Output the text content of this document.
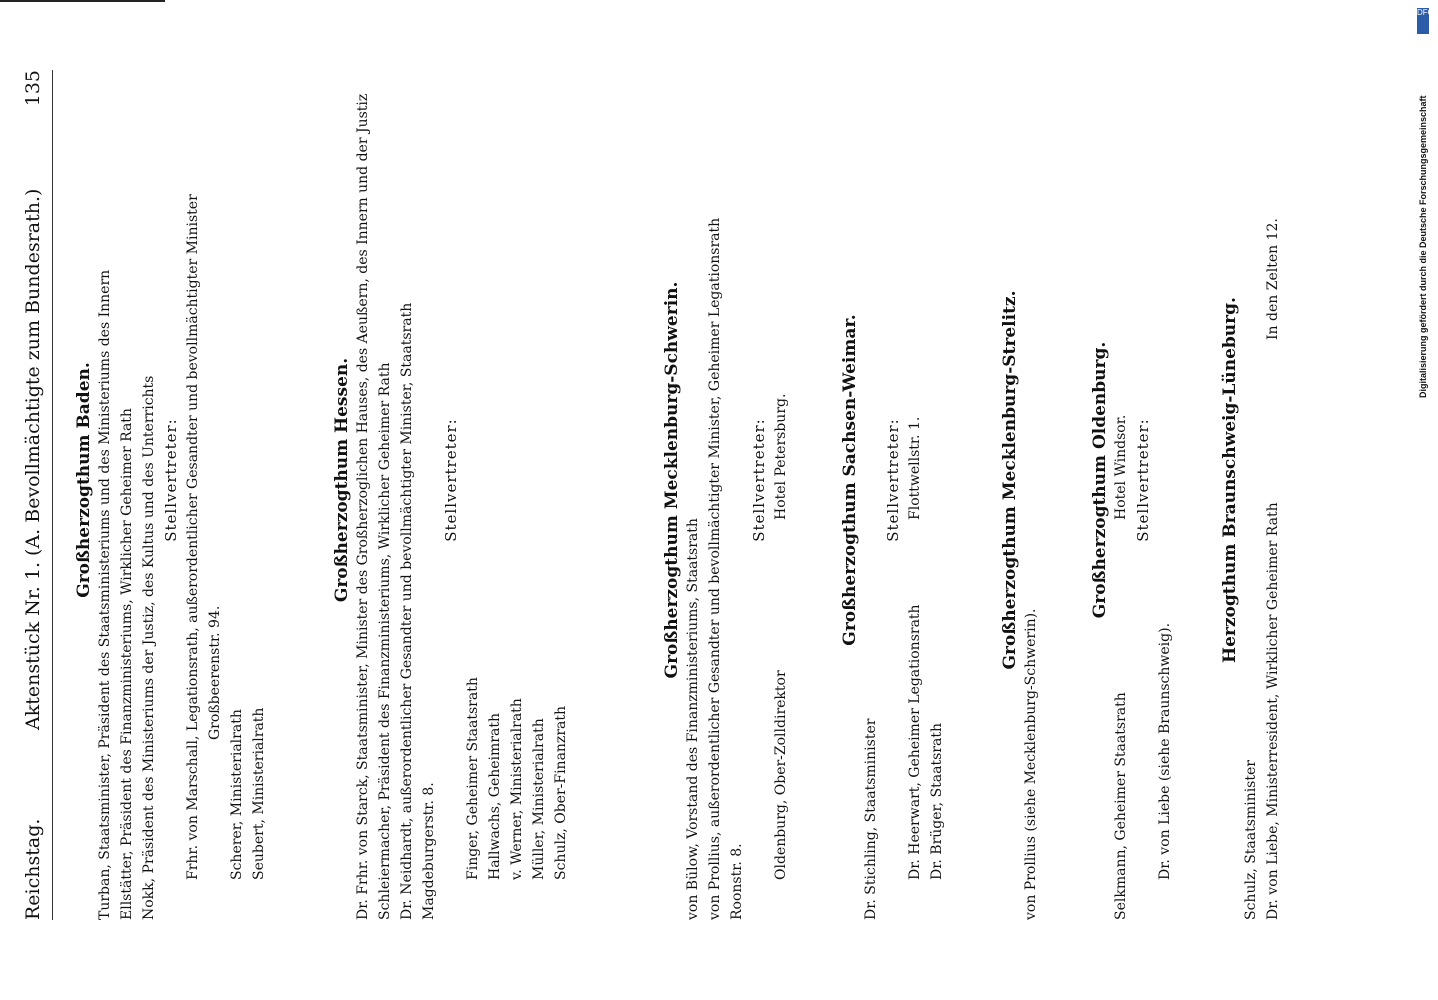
Reichstag.
Aktenstück Nr. 1. (A. Bevollmächtigte zum Bundesrath.)
135

Großherzogthum Baden. Turban, Staatsminister, Präsident des Staatsministeriums und des Ministeriums des Innern Ellstätter, Präsident des Finanzministeriums, Wirklicher Geheimer Rath Nokk, Präsident des Ministeriums der Justiz, des Kultus und des Unterrichts Stellvertreter: Frhr. von Marschall, Legationsrath, außerordentlicher Gesandter und bevollmächtigter Minister Großbeerenstr. 94.
Scherer, Ministerialrath Seubert, Ministerialrath

Großherzogthum Hessen. Dr. Frhr. von Starck, Staatsminister, Minister des Großherzoglichen Hauses, des Aeußern, des Innern und der Justiz Schleiermacher, Präsident des Finanzministeriums, Wirklicher Geheimer Rath Dr. Neidhardt, außerordentlicher Gesandter und bevollmächtigter Minister, Staatsrath Magdeburgerstr. 8.

Stellvertreter:

Finger, Geheimer Staatsrath Hallwachs, Geheimrath v. Werner, Ministerialrath Müller, Ministerialrath Schulz, Ober-Finanzrath

Großherzogthum Mecklenburg-Schwerin.

von Bülow, Vorstand des Finanzministeriums, Staatsrath von Prollius, außerordentlicher Gesandter und bevollmächtigter Minister, Geheimer Legationsrath Roonstr. 8.

Stellvertreter:

Oldenburg, Ober-Zolldirektor
Hotel Petersburg.	Großherzogthum Sachsen-Weimar.

Dr. Stichling, Staatsminister

Stellvertreter:

Dr. Heerwart, Geheimer Legationsrath
Flottwellstr. 1.
Dr. Brüger, Staatsrath

Großherzogthum Mecklenburg-Strelitz.

von Prollius (siehe Mecklenburg-Schwerin).

Großherzogthum Oldenburg.

Selkmann, Geheimer Staatsrath
Hotel Windsor. Stellvertreter:

Dr. von Liebe (siehe Braunschweig).

Herzogthum Braunschweig-Lüneburg.

Schulz, Staatsminister Dr. von Liebe, Ministerresident, Wirklicher Geheimer Rath
In den Zelten 12.
DFG
Digitalisierung gefördert durch die Deutsche Forschungsgemeinschaft
